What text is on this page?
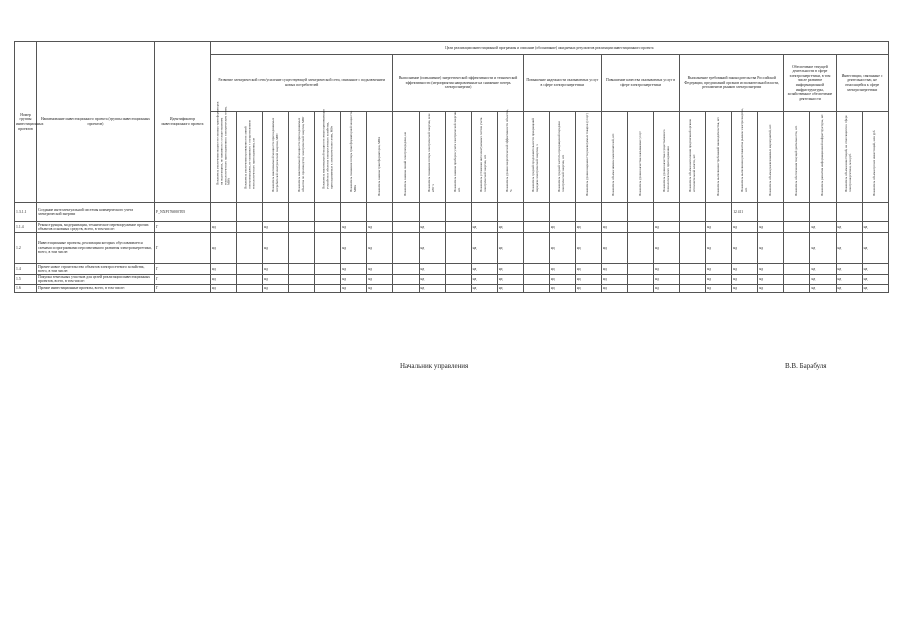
Номер группы инвестиционных проектов	Наименование инвестиционного проекта (группы инвестиционных проектов)	Идентификатор инвестиционного проекта	Цели реализации инвестиционной программы и описание (обоснование) ожидаемых результатов реализации инвестиционного проекта																									
			Развитие электрической сети/усиление существующей электрической сети, связанное с подключением новых потребителей							Выполнение (повышение) энергетической эффективности и технической эффективности (мероприятия направленные на снижение потерь электроэнергии)					Повышение надежности оказываемых услуг в сфере электроэнергетики			Повышение качества оказываемых услуг в сфере электроэнергетики			Выполнение требований законодательства Российской Федерации, предписаний органов исполнительной власти, регламентов рынков электроэнергии				Обеспечение текущей деятельности в сфере электроэнергетики, в том числе развитие информационной инфраструктуры, хозяйственное обеспечение деятельности		Инвестиции, связанные с деятельностью, не относящейся к сфере электроэнергетики	

			Показатель увеличения мощности силовых трансформаторов на подстанциях, не связанного с осуществлением технологического присоединения к электрическим сетям, МВА	Показатель увеличения протяженности линий электропередачи, не связанного с осуществлением технологического присоединения, км	Показатель максимальной мощности присоединяемых потребителей электрической энергии, МВт	Показатель максимальной мощности присоединяемых объектов по производству электрической энергии, МВт	Показатель максимальной мощности энергопринимающих устройств и объектов электросетевого хозяйства, присоединяемых к электрическим сетям, МВт	Показатель снижения потерь трансформаторной мощности, МВА	Показатель замены трансформаторов, МВА	Показатель замены линий электропередачи, км	Показатель снижения потерь электрической энергии, млн кВт·ч	Показатель замены приборов учета электрической энергии, шт.	Показатель установки интеллектуальных систем учета электрической энергии, шт.	Показатель уровня энергетической эффективности объектов, %	Показатель средней продолжительности прекращений передачи электрической энергии, ч	Показатель средней частоты прекращений передачи электрической энергии, шт.	Показатель уровня надежности реализуемых товаров (услуг)	Показатель объема замены выключателей, шт.	Показатель уровня качества оказываемых услуг	Показатель уровня качества осуществляемого технологического присоединения	Показатель объема выполнения предписаний органов исполнительной власти, шт.	Показатель выполнения требований законодательства, шт.	Показатель выполнения регламентов рынков электроэнергии, шт.	Показатель объема реализованных мероприятий, шт.	Показатель обеспечения текущей деятельности, шт.	Показатель развития информационной инфраструктуры, шт.	Показатель объема инвестиций, не относящихся к сфере электроэнергетики, млн руб.	Показатель объема прочих инвестиций, млн руб.

1.3.1.1	Создание интеллектуальной системы коммерческого учета электрической энергии	F_NXP176000Т05																					12 411					
1.1.4	Реконструкция, модернизация, техническое перевооружение прочих объектов основных средств, всего, в том числе:	Г	нд		нд			нд	нд		нд		нд	нд		нд	нд	нд		нд		нд	нд	нд		нд	нд	нд
1.2	Инвестиционные проекты, реализация которых обуславливается схемами и программами перспективного развития электроэнергетики, всего, в том числе:	Г	нд		нд			нд	нд		нд		нд	нд		нд	нд	нд		нд		нд	нд	нд		нд	нд	нд
1.4	Прочее новое строительство объектов электросетевого хозяйства, всего, в том числе:	Г	нд		нд			нд	нд		нд		нд	нд		нд	нд	нд		нд		нд	нд	нд		нд	нд	нд
1.5	Покупка земельных участков для целей реализации инвестиционных проектов, всего, в том числе:	Г	нд		нд			нд	нд		нд		нд	нд		нд	нд	нд		нд		нд	нд	нд		нд	нд	нд
1.6	Прочие инвестиционные проекты, всего, в том числе:	Г	нд		нд			нд	нд		нд		нд	нд		нд	нд	нд		нд		нд	нд	нд		нд	нд	нд
Начальник управления	В.В. Барабуля
